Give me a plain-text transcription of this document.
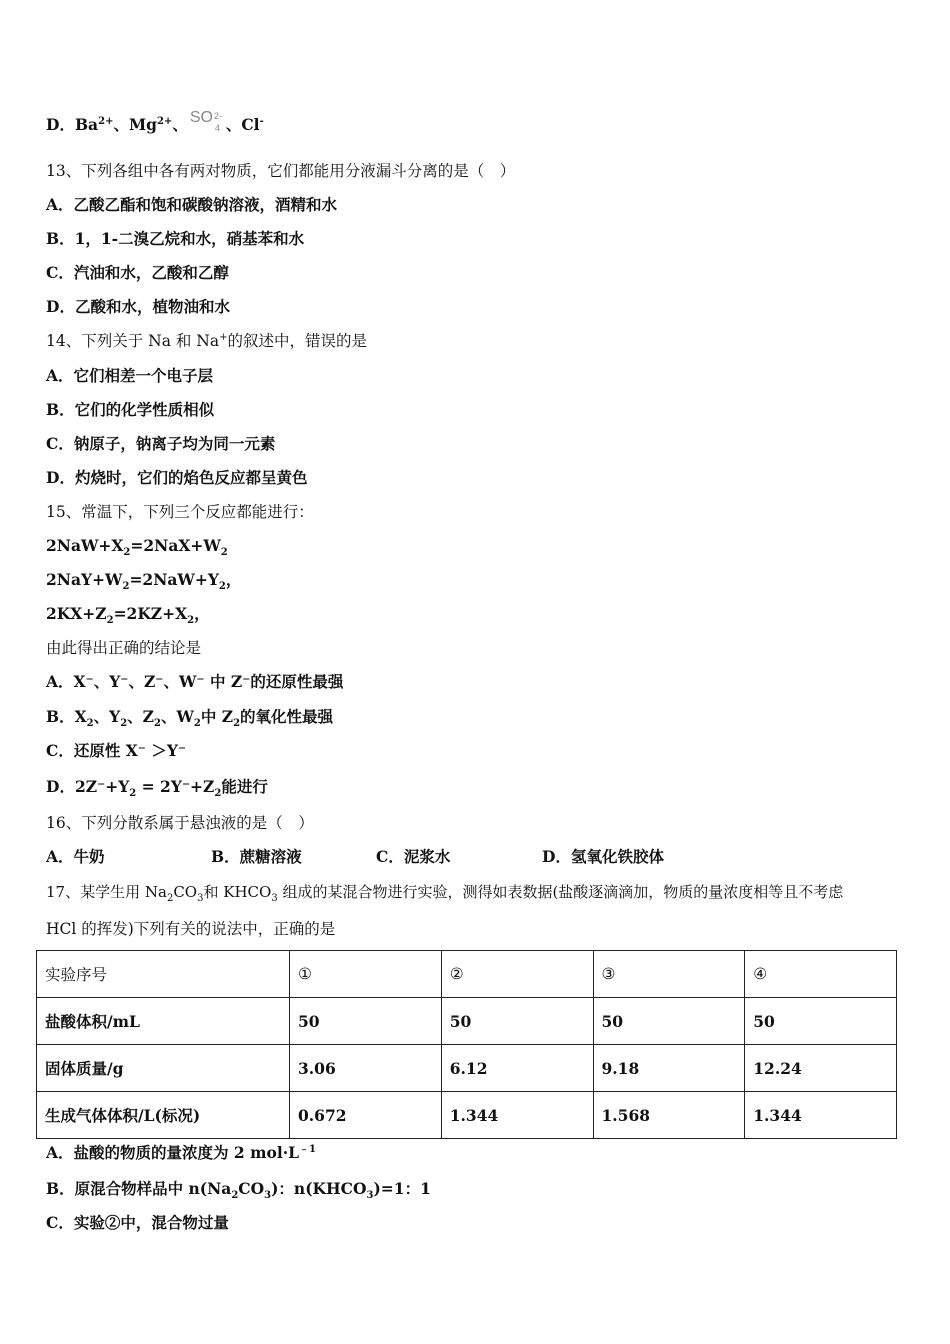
D．$Ba^{2+}$、$Mg^{2+}$、 SO 2-
4 、Cl-
13、下列各组中各有两对物质，它们都能用分液漏斗分离的是（　）
A．乙酸乙酯和饱和碳酸钠溶液，酒精和水
B．1，1-二溴乙烷和水，硝基苯和水
C．汽油和水，乙酸和乙醇
D．乙酸和水，植物油和水
14、下列关于 Na 和 Na+的叙述中，错误的是
A．它们相差一个电子层
B．它们的化学性质相似
C．钠原子，钠离子均为同一元素
D．灼烧时，它们的焰色反应都呈黄色
15、常温下，下列三个反应都能进行：
$2NaW+X_2=2NaX+W_2$
$2NaY+W_2=2NaW+Y_2$，
$2KX+Z_2=2KZ+X_2$，
由此得出正确的结论是
A．X⁻、Y⁻、Z⁻、W⁻ 中 Z⁻的还原性最强
B．$X_2$、$Y_2$、$Z_2$、$W_2$中 $Z_2$的氧化性最强
C．还原性 X⁻ ＞Y⁻
D．$2Z^-+Y_2 = 2Y^-+Z_2$能进行
16、下列分散系属于悬浊液的是（　）
A．牛奶	B．蔗糖溶液	C．泥浆水	D．氢氧化铁胶体
17、某学生用 $Na_2CO_3$和 $KHCO_3$ 组成的某混合物进行实验，测得如表数据(盐酸逐滴滴加，物质的量浓度相等且不考虑
HCl 的挥发)下列有关的说法中，正确的是
实验序号	①	②	③	④
盐酸体积/mL	50	50	50	50
固体质量/g	3.06	6.12	9.18	12.24
生成气体体积/L(标况)	0.672	1.344	1.568	1.344
A．盐酸的物质的量浓度为 2 $mol\cdot L^{﹣1}$
B．原混合物样品中 $n(Na_2CO_3)$：$n(KHCO_3)=1$：1
C．实验②中，混合物过量
